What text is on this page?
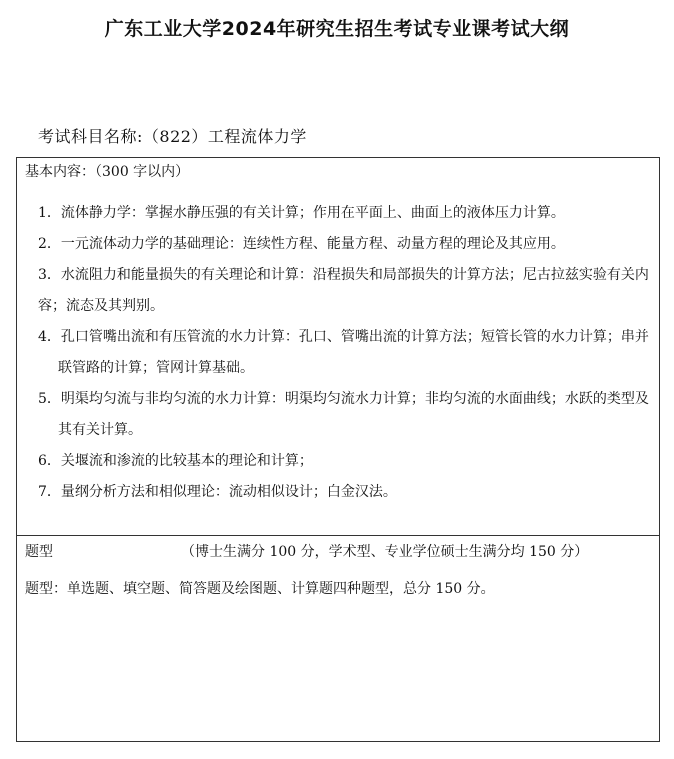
广东工业大学2024年研究生招生考试专业课考试大纲
考试科目名称:（822）工程流体力学
基本内容：（300 字以内）
1．流体静力学：掌握水静压强的有关计算；作用在平面上、曲面上的液体压力计算。
2．一元流体动力学的基础理论：连续性方程、能量方程、动量方程的理论及其应用。
3．水流阻力和能量损失的有关理论和计算：沿程损失和局部损失的计算方法；尼古拉兹实验有关内容；流态及其判别。
4．孔口管嘴出流和有压管流的水力计算：孔口、管嘴出流的计算方法；短管长管的水力计算；串并联管路的计算；管网计算基础。
5．明渠均匀流与非均匀流的水力计算：明渠均匀流水力计算；非均匀流的水面曲线；水跃的类型及其有关计算。
6．关堰流和渗流的比较基本的理论和计算；
7．量纲分析方法和相似理论：流动相似设计；白金汉法。
题型	（博士生满分 100 分，学术型、专业学位硕士生满分均 150 分）
题型：单选题、填空题、简答题及绘图题、计算题四种题型，总分 150 分。
